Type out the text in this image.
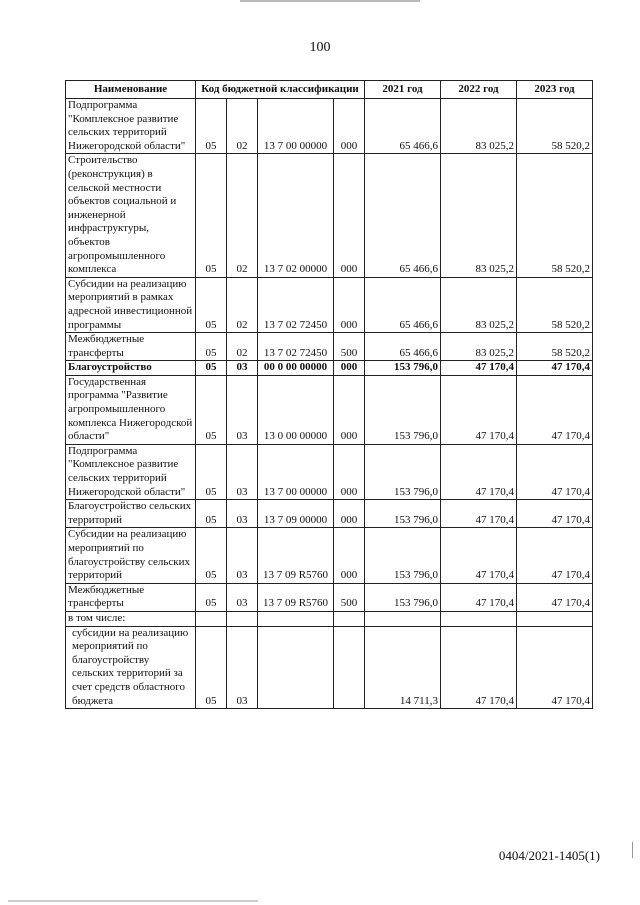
100
Наименование	Код бюджетной классификации				2021 год	2022 год	2023 год
Подпрограмма "Комплексное развитие сельских территорий Нижегородской области"	05	02	13 7 00 00000	000	65 466,6	83 025,2	58 520,2
Строительство (реконструкция) в сельской местности объектов социальной и инженерной инфраструктуры, объектов агропромышленного комплекса	05	02	13 7 02 00000	000	65 466,6	83 025,2	58 520,2
Субсидии на реализацию мероприятий в рамках адресной инвестиционной программы	05	02	13 7 02 72450	000	65 466,6	83 025,2	58 520,2
Межбюджетные трансферты	05	02	13 7 02 72450	500	65 466,6	83 025,2	58 520,2
Благоустройство	05	03	00 0 00 00000	000	153 796,0	47 170,4	47 170,4
Государственная программа "Развитие агропромышленного комплекса Нижегородской области"	05	03	13 0 00 00000	000	153 796,0	47 170,4	47 170,4
Подпрограмма "Комплексное развитие сельских территорий Нижегородской области"	05	03	13 7 00 00000	000	153 796,0	47 170,4	47 170,4
Благоустройство сельских территорий	05	03	13 7 09 00000	000	153 796,0	47 170,4	47 170,4
Субсидии на реализацию мероприятий по благоустройству сельских территорий	05	03	13 7 09 R5760	000	153 796,0	47 170,4	47 170,4
Межбюджетные трансферты	05	03	13 7 09 R5760	500	153 796,0	47 170,4	47 170,4
в том числе:							
субсидии на реализацию мероприятий по благоустройству сельских территорий за счет средств областного бюджета	05	03			14 711,3	47 170,4	47 170,4
0404/2021-1405(1)
